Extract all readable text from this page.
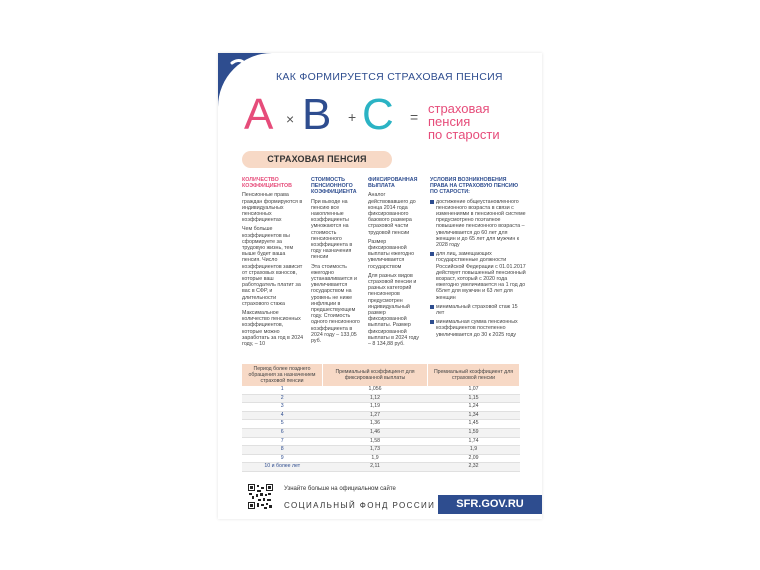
КАК ФОРМИРУЕТСЯ СТРАХОВАЯ ПЕНСИЯ
A × B + C =
страховая
пенсия
по старости
СТРАХОВАЯ ПЕНСИЯ
КОЛИЧЕСТВО КОЭФФИЦИЕНТОВ

Пенсионные права граждан формируются в индивидуальных пенсионных коэффициентах

Чем больше коэффициентов вы сформируете за трудовую жизнь, тем выше будет ваша пенсия. Число коэффициентов зависит от страховых взносов, которые ваш работодатель платит за вас в СФР, и длительности страхового стажа

Максимальное количество пенсионных коэффициентов, которые можно заработать за год в 2024 году, – 10

СТОИМОСТЬ ПЕНСИОННОГО КОЭФФИЦИЕНТА

При выходе на пенсию все накопленные коэффициенты умножаются на стоимость пенсионного коэффициента в году назначения пенсии

Эта стоимость ежегодно устанавливается и увеличивается государством на уровень не ниже инфляции в предшествующем году. Стоимость одного пенсионного коэффициента в 2024 году – 133,05 руб.

ФИКСИРОВАННАЯ ВЫПЛАТА

Аналог действовавшего до конца 2014 года фиксированного базового размера страховой части трудовой пенсии

Размер фиксированной выплаты ежегодно увеличивается государством

Для разных видов страховой пенсии и разных категорий пенсионеров предусмотрен индивидуальный размер фиксированной выплаты. Размер фиксированной выплаты в 2024 году – 8 134,88 руб.

УСЛОВИЯ ВОЗНИКНОВЕНИЯ ПРАВА НА СТРАХОВУЮ ПЕНСИЮ ПО СТАРОСТИ:
достижение общеустановленного пенсионного возраста в связи с изменениями в пенсионной системе предусмотрено поэтапное повышение пенсионного возраста – увеличивается до 60 лет для женщин и до 65 лет для мужчин к 2028 году
для лиц, замещающих государственные должности Российской Федерации с 01.01.2017 действует повышенный пенсионный возраст, который с 2020 года ежегодно увеличивается на 1 год до 65лет для мужчин и 63 лет для женщин
минимальный страховой стаж 15 лет
минимальная сумма пенсионных коэффициентов постепенно увеличивается до 30 к 2025 году
Период более позднего обращения за назначением страховой пенсии	Премиальный коэффициент для фиксированной выплаты	Премиальный коэффициент для страховой пенсии
1	1,056	1,07
2	1,12	1,15
3	1,19	1,24
4	1,27	1,34
5	1,36	1,45
6	1,46	1,59
7	1,58	1,74
8	1,73	1,9
9	1,9	2,09
10 и более лет	2,11	2,32
Узнайте больше на официальном сайте
СОЦИАЛЬНЫЙ ФОНД РОССИИ	SFR.GOV.RU
